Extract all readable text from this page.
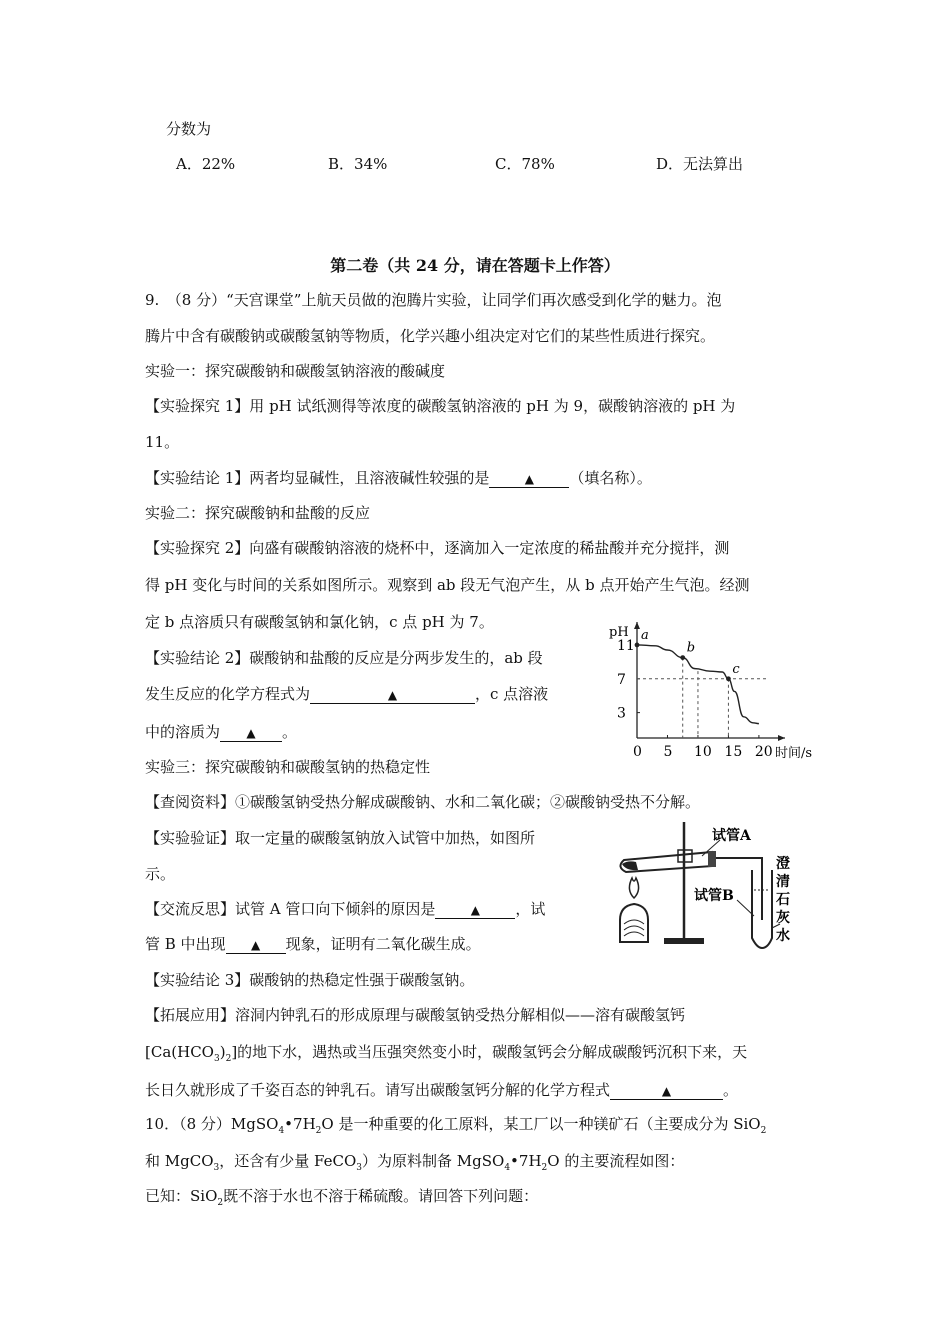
分数为
A．22%	B．34%	C．78%	D．无法算出
第二卷（共 24 分，请在答题卡上作答）
9.　（8 分）“天宫课堂”上航天员做的泡腾片实验，让同学们再次感受到化学的魅力。泡
腾片中含有碳酸钠或碳酸氢钠等物质，化学兴趣小组决定对它们的某些性质进行探究。
实验一：探究碳酸钠和碳酸氢钠溶液的酸碱度
【实验探究 1】用 pH 试纸测得等浓度的碳酸氢钠溶液的 pH 为 9，碳酸钠溶液的 pH 为
11。
【实验结论 1】两者均显碱性，且溶液碱性较强的是	▲ （填名称）。
实验二：探究碳酸钠和盐酸的反应
【实验探究 2】向盛有碳酸钠溶液的烧杯中，逐滴加入一定浓度的稀盐酸并充分搅拌，测
得 pH 变化与时间的关系如图所示。观察到 ab 段无气泡产生，从 b 点开始产生气泡。经测
定 b 点溶质只有碳酸氢钠和氯化钠，c 点 pH 为 7。
【实验结论 2】碳酸钠和盐酸的反应是分两步发生的，ab 段
发生反应的化学方程式为	▲	，c 点溶液
中的溶质为 ▲ 。
实验三：探究碳酸钠和碳酸氢钠的热稳定性
【查阅资料】①碳酸氢钠受热分解成碳酸钠、水和二氧化碳；②碳酸钠受热不分解。
【实验验证】取一定量的碳酸氢钠放入试管中加热，如图所
示。
【交流反思】试管 A 管口向下倾斜的原因是	▲ ，试
管 B 中出现 ▲ 现象，证明有二氧化碳生成。
【实验结论 3】碳酸钠的热稳定性强于碳酸氢钠。
【拓展应用】溶洞内钟乳石的形成原理与碳酸氢钠受热分解相似——溶有碳酸氢钙
$[Ca(HCO_3)_2]$的地下水，遇热或当压强突然变小时，碳酸氢钙会分解成碳酸钙沉积下来，天
长日久就形成了千姿百态的钟乳石。请写出碳酸氢钙分解的化学方程式	▲	。
10．（8 分）$MgSO_4•7H_2O$ 是一种重要的化工原料，某工厂以一种镁矿石（主要成分为 SiO$_2$
和 MgCO$_3$，还含有少量 FeCO$_3$）为原料制备 $MgSO_4•7H_2O$ 的主要流程如图：
已知：SiO$_2$既不溶于水也不溶于稀硫酸。请回答下列问题：
0 5 10 15 20
11
7
3
a
b
c
pH
时间/s
试管A
试管B
澄
清
石
灰
水
